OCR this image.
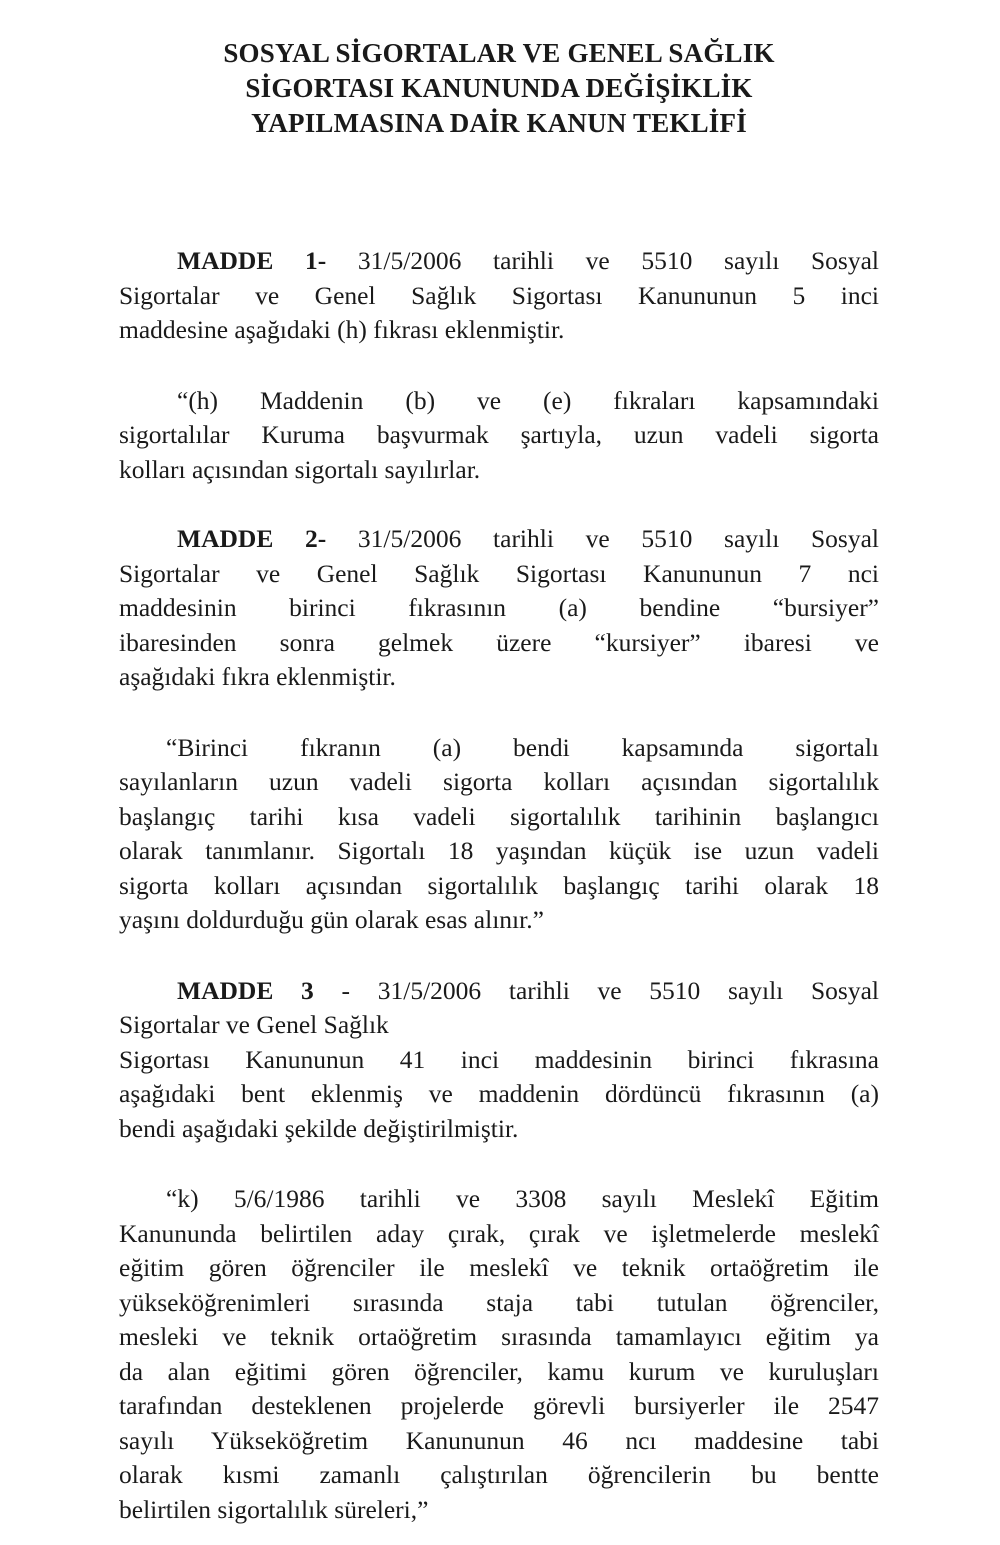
SOSYAL SİGORTALAR VE GENEL SAĞLIK
SİGORTASI KANUNUNDA DEĞİŞİKLİK
YAPILMASINA DAİR KANUN TEKLİFİ
MADDE 1- 31/5/2006 tarihli ve 5510 sayılı Sosyal
Sigortalar ve Genel Sağlık Sigortası Kanununun 5 inci
maddesine aşağıdaki (h) fıkrası eklenmiştir.
“(h) Maddenin (b) ve (e) fıkraları kapsamındaki
sigortalılar Kuruma başvurmak şartıyla, uzun vadeli sigorta
kolları açısından sigortalı sayılırlar.
MADDE 2- 31/5/2006 tarihli ve 5510 sayılı Sosyal
Sigortalar ve Genel Sağlık Sigortası Kanununun 7 nci
maddesinin birinci fıkrasının (a) bendine “bursiyer”
ibaresinden sonra gelmek üzere “kursiyer” ibaresi ve
aşağıdaki fıkra eklenmiştir.
“Birinci fıkranın (a) bendi kapsamında sigortalı
sayılanların uzun vadeli sigorta kolları açısından sigortalılık
başlangıç tarihi kısa vadeli sigortalılık tarihinin başlangıcı
olarak tanımlanır. Sigortalı 18 yaşından küçük ise uzun vadeli
sigorta kolları açısından sigortalılık başlangıç tarihi olarak 18
yaşını doldurduğu gün olarak esas alınır.”
MADDE 3 - 31/5/2006 tarihli ve 5510 sayılı Sosyal
Sigortalar ve Genel Sağlık
Sigortası Kanununun 41 inci maddesinin birinci fıkrasına
aşağıdaki bent eklenmiş ve maddenin dördüncü fıkrasının (a)
bendi aşağıdaki şekilde değiştirilmiştir.
“k) 5/6/1986 tarihli ve 3308 sayılı Meslekî Eğitim
Kanununda belirtilen aday çırak, çırak ve işletmelerde meslekî
eğitim gören öğrenciler ile meslekî ve teknik ortaöğretim ile
yükseköğrenimleri sırasında staja tabi tutulan öğrenciler,
mesleki ve teknik ortaöğretim sırasında tamamlayıcı eğitim ya
da alan eğitimi gören öğrenciler, kamu kurum ve kuruluşları
tarafından desteklenen projelerde görevli bursiyerler ile 2547
sayılı Yükseköğretim Kanununun 46 ncı maddesine tabi
olarak kısmi zamanlı çalıştırılan öğrencilerin bu bentte
belirtilen sigortalılık süreleri,”
